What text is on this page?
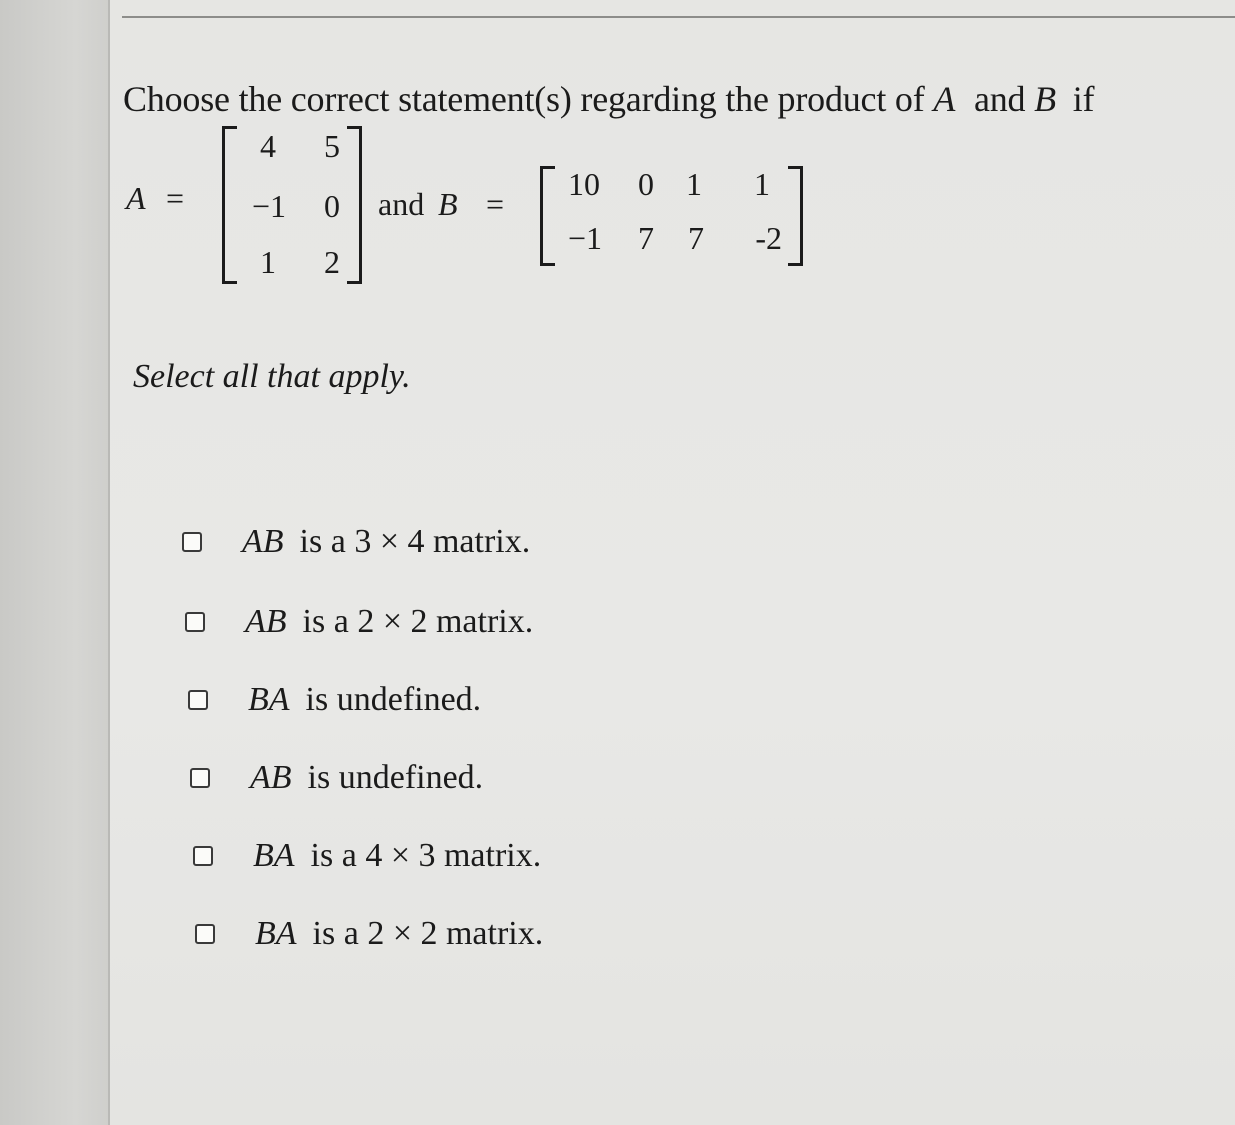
Choose the correct statement(s) regarding the product of A and B if
A =
4	5
−1	0
1	2
and B =
10	0	1	1
−1	7	7	-2
Select all that apply.
AB is a 3 × 4 matrix.
AB is a 2 × 2 matrix.
BA is undefined.
AB is undefined.
BA is a 4 × 3 matrix.
BA is a 2 × 2 matrix.
